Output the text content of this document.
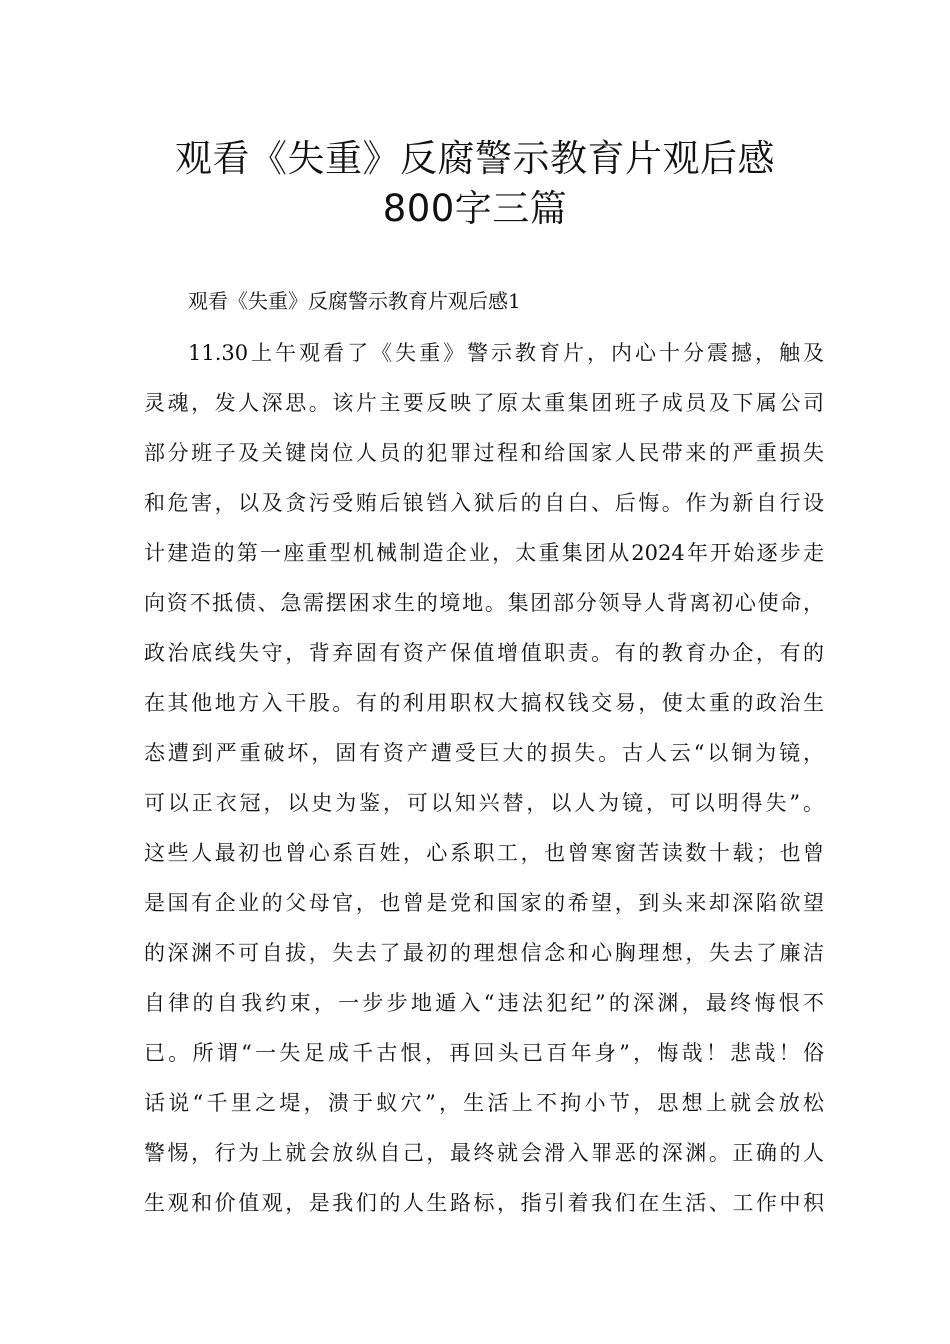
观看《失重》反腐警示教育片观后感
800字三篇
观看《失重》反腐警示教育片观后感1
11.30上午观看了《失重》警示教育片，内心十分震撼，触及
灵魂，发人深思。该片主要反映了原太重集团班子成员及下属公司
部分班子及关键岗位人员的犯罪过程和给国家人民带来的严重损失
和危害，以及贪污受贿后锒铛入狱后的自白、后悔。作为新自行设
计建造的第一座重型机械制造企业，太重集团从2024年开始逐步走
向资不抵债、急需摆困求生的境地。集团部分领导人背离初心使命，
政治底线失守，背弃固有资产保值增值职责。有的教育办企，有的
在其他地方入干股。有的利用职权大搞权钱交易，使太重的政治生
态遭到严重破坏，固有资产遭受巨大的损失。古人云“以铜为镜，
可以正衣冠，以史为鉴，可以知兴替，以人为镜，可以明得失”。
这些人最初也曾心系百姓，心系职工，也曾寒窗苦读数十载；也曾
是国有企业的父母官，也曾是党和国家的希望，到头来却深陷欲望
的深渊不可自拔，失去了最初的理想信念和心胸理想，失去了廉洁
自律的自我约束，一步步地遁入“违法犯纪”的深渊，最终悔恨不
已。所谓“一失足成千古恨，再回头已百年身”，悔哉！悲哉！俗
话说“千里之堤，溃于蚁穴”，生活上不拘小节，思想上就会放松
警惕，行为上就会放纵自己，最终就会滑入罪恶的深渊。正确的人
生观和价值观，是我们的人生路标，指引着我们在生活、工作中积
